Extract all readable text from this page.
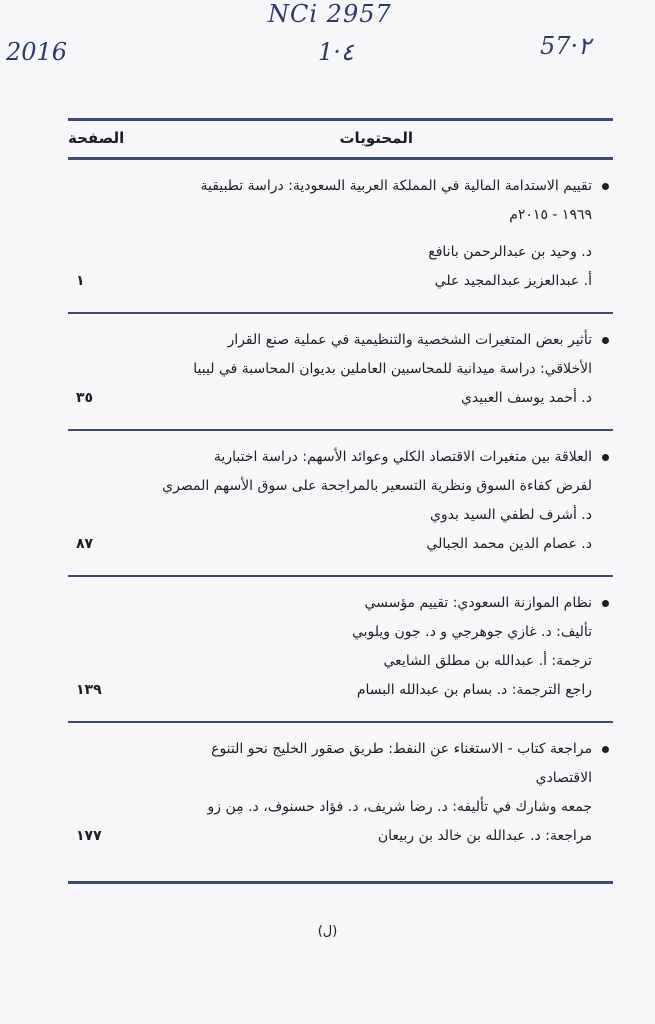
NCi 2957
2016	1·٤	57·٢
المحتويات
الصفحة
تقييم الاستدامة المالية في المملكة العربية السعودية: دراسة تطبيقية
١٩٦٩ - ٢٠١٥م
د. وحيد بن عبدالرحمن بانافع
أ. عبدالعزيز عبدالمجيد علي
١
تأثير بعض المتغيرات الشخصية والتنظيمية في عملية صنع القرار
الأخلاقي: دراسة ميدانية للمحاسبين العاملين بديوان المحاسبة في ليبيا
د. أحمد يوسف العبيدي
٣٥
العلاقة بين متغيرات الاقتصاد الكلي وعوائد الأسهم: دراسة اختبارية
لفرض كفاءة السوق ونظرية التسعير بالمراجحة على سوق الأسهم المصري
د. أشرف لطفي السيد بدوي
د. عصام الدين محمد الجبالي
٨٧
نظام الموازنة السعودي: تقييم مؤسسي
تأليف: د. غازي جوهرجي و د. جون ويلوبي
ترجمة: أ. عبدالله بن مطلق الشايعي
راجع الترجمة: د. بسام بن عبدالله البسام
١٣٩
مراجعة كتاب - الاستغناء عن النفط: طريق صقور الخليج نحو التنوع
الاقتصادي
جمعه وشارك في تأليفه: د. رضا شريف، د. فؤاد حسنوف، د. مِن زو
مراجعة: د. عبدالله بن خالد بن ربيعان
١٧٧
(ل)
